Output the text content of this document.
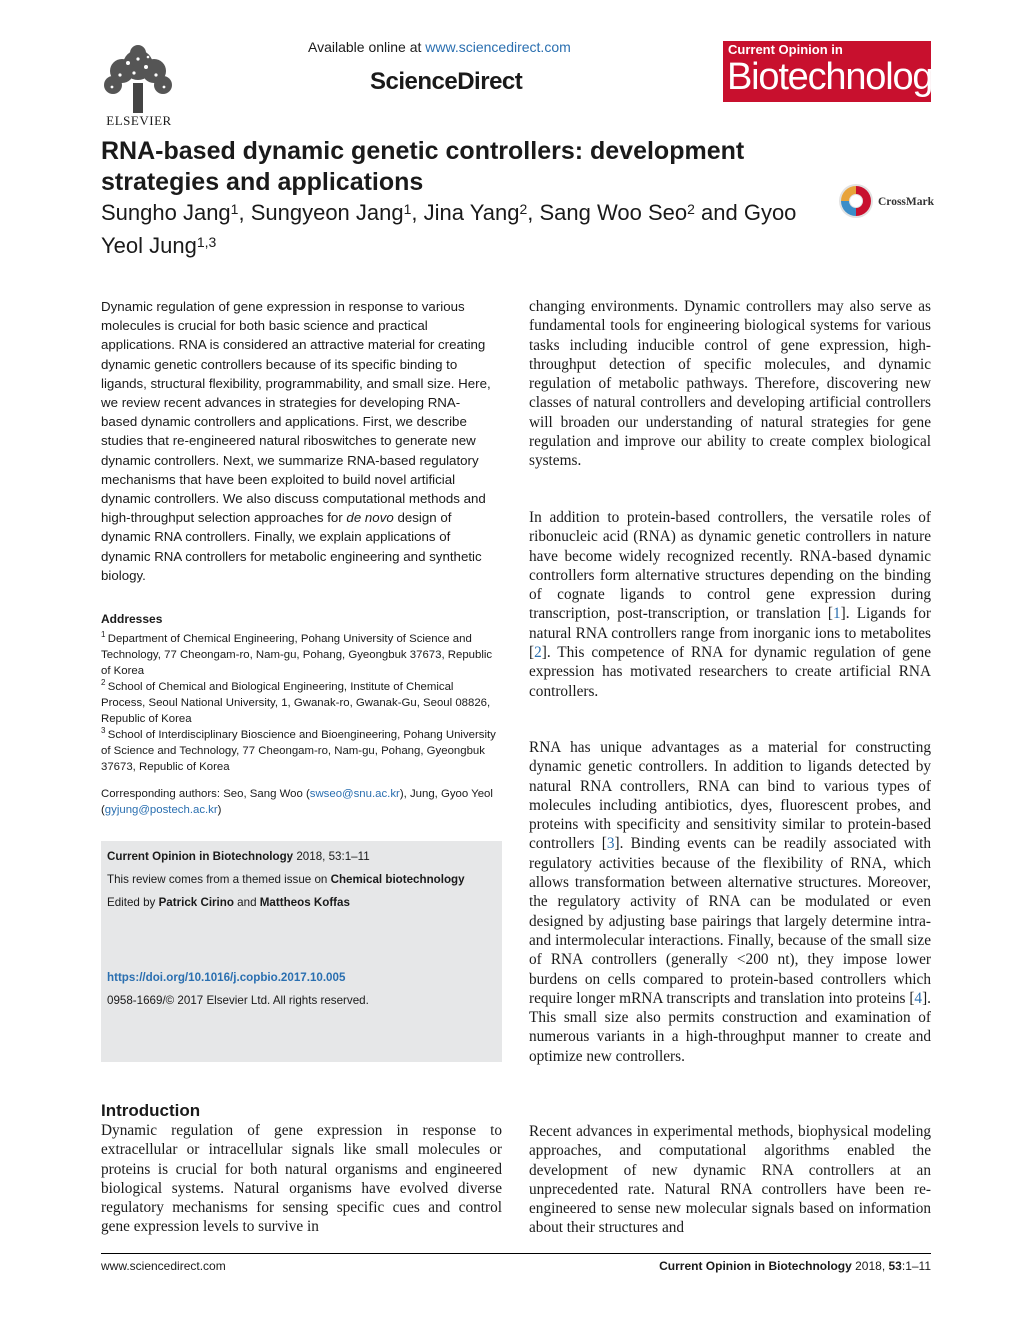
ELSEVIER
Available online at www.sciencedirect.com
ScienceDirect
Current Opinion in
Biotechnology
RNA-based dynamic genetic controllers: development strategies and applications
Sungho Jang$^1$, Sungyeon Jang$^1$, Jina Yang$^2$, Sang Woo Seo$^2$ and Gyoo Yeol Jung$^{1,3}$
CrossMark
Dynamic regulation of gene expression in response to various molecules is crucial for both basic science and practical applications. RNA is considered an attractive material for creating dynamic genetic controllers because of its specific binding to ligands, structural flexibility, programmability, and small size. Here, we review recent advances in strategies for developing RNA-based dynamic controllers and applications. First, we describe studies that re-engineered natural riboswitches to generate new dynamic controllers. Next, we summarize RNA-based regulatory mechanisms that have been exploited to build novel artificial dynamic controllers. We also discuss computational methods and high-throughput selection approaches for de novo design of dynamic RNA controllers. Finally, we explain applications of dynamic RNA controllers for metabolic engineering and synthetic biology.
Addresses
$^1$  Department of Chemical Engineering, Pohang University of Science and Technology, 77 Cheongam-ro, Nam-gu, Pohang, Gyeongbuk 37673, Republic of Korea
$^2$  School of Chemical and Biological Engineering, Institute of Chemical Process, Seoul National University, 1, Gwanak-ro, Gwanak-Gu, Seoul 08826, Republic of Korea
$^3$  School of Interdisciplinary Bioscience and Bioengineering, Pohang University of Science and Technology, 77 Cheongam-ro, Nam-gu, Pohang, Gyeongbuk 37673, Republic of Korea
Corresponding authors: Seo, Sang Woo (swseo@snu.ac.kr), Jung, Gyoo Yeol (gyjung@postech.ac.kr)
Current Opinion in Biotechnology 2018, 53:1–11
This review comes from a themed issue on Chemical biotechnology
Edited by Patrick Cirino and Mattheos Koffas
https://doi.org/10.1016/j.copbio.2017.10.005
0958-1669/© 2017 Elsevier Ltd. All rights reserved.
Introduction
Dynamic regulation of gene expression in response to extracellular or intracellular signals like small molecules or proteins is crucial for both natural organisms and engineered biological systems. Natural organisms have evolved diverse regulatory mechanisms for sensing specific cues and control gene expression levels to survive in
changing environments. Dynamic controllers may also serve as fundamental tools for engineering biological systems for various tasks including inducible control of gene expression, high-throughput detection of specific molecules, and dynamic regulation of metabolic pathways. Therefore, discovering new classes of natural controllers and developing artificial controllers will broaden our understanding of natural strategies for gene regulation and improve our ability to create complex biological systems.
In addition to protein-based controllers, the versatile roles of ribonucleic acid (RNA) as dynamic genetic controllers in nature have become widely recognized recently. RNA-based dynamic controllers form alternative structures depending on the binding of cognate ligands to control gene expression during transcription, post-transcription, or translation [1]. Ligands for natural RNA controllers range from inorganic ions to metabolites [2]. This competence of RNA for dynamic regulation of gene expression has motivated researchers to create artificial RNA controllers.
RNA has unique advantages as a material for constructing dynamic genetic controllers. In addition to ligands detected by natural RNA controllers, RNA can bind to various types of molecules including antibiotics, dyes, fluorescent probes, and proteins with specificity and sensitivity similar to protein-based controllers [3]. Binding events can be readily associated with regulatory activities because of the flexibility of RNA, which allows transformation between alternative structures. Moreover, the regulatory activity of RNA can be modulated or even designed by adjusting base pairings that largely determine intra- and intermolecular interactions. Finally, because of the small size of RNA controllers (generally <200 nt), they impose lower burdens on cells compared to protein-based controllers which require longer mRNA transcripts and translation into proteins [4]. This small size also permits construction and examination of numerous variants in a high-throughput manner to create and optimize new controllers.
Recent advances in experimental methods, biophysical modeling approaches, and computational algorithms enabled the development of new dynamic RNA controllers at an unprecedented rate. Natural RNA controllers have been re-engineered to sense new molecular signals based on information about their structures and
www.sciencedirect.com	Current Opinion in Biotechnology 2018, 53:1–11
